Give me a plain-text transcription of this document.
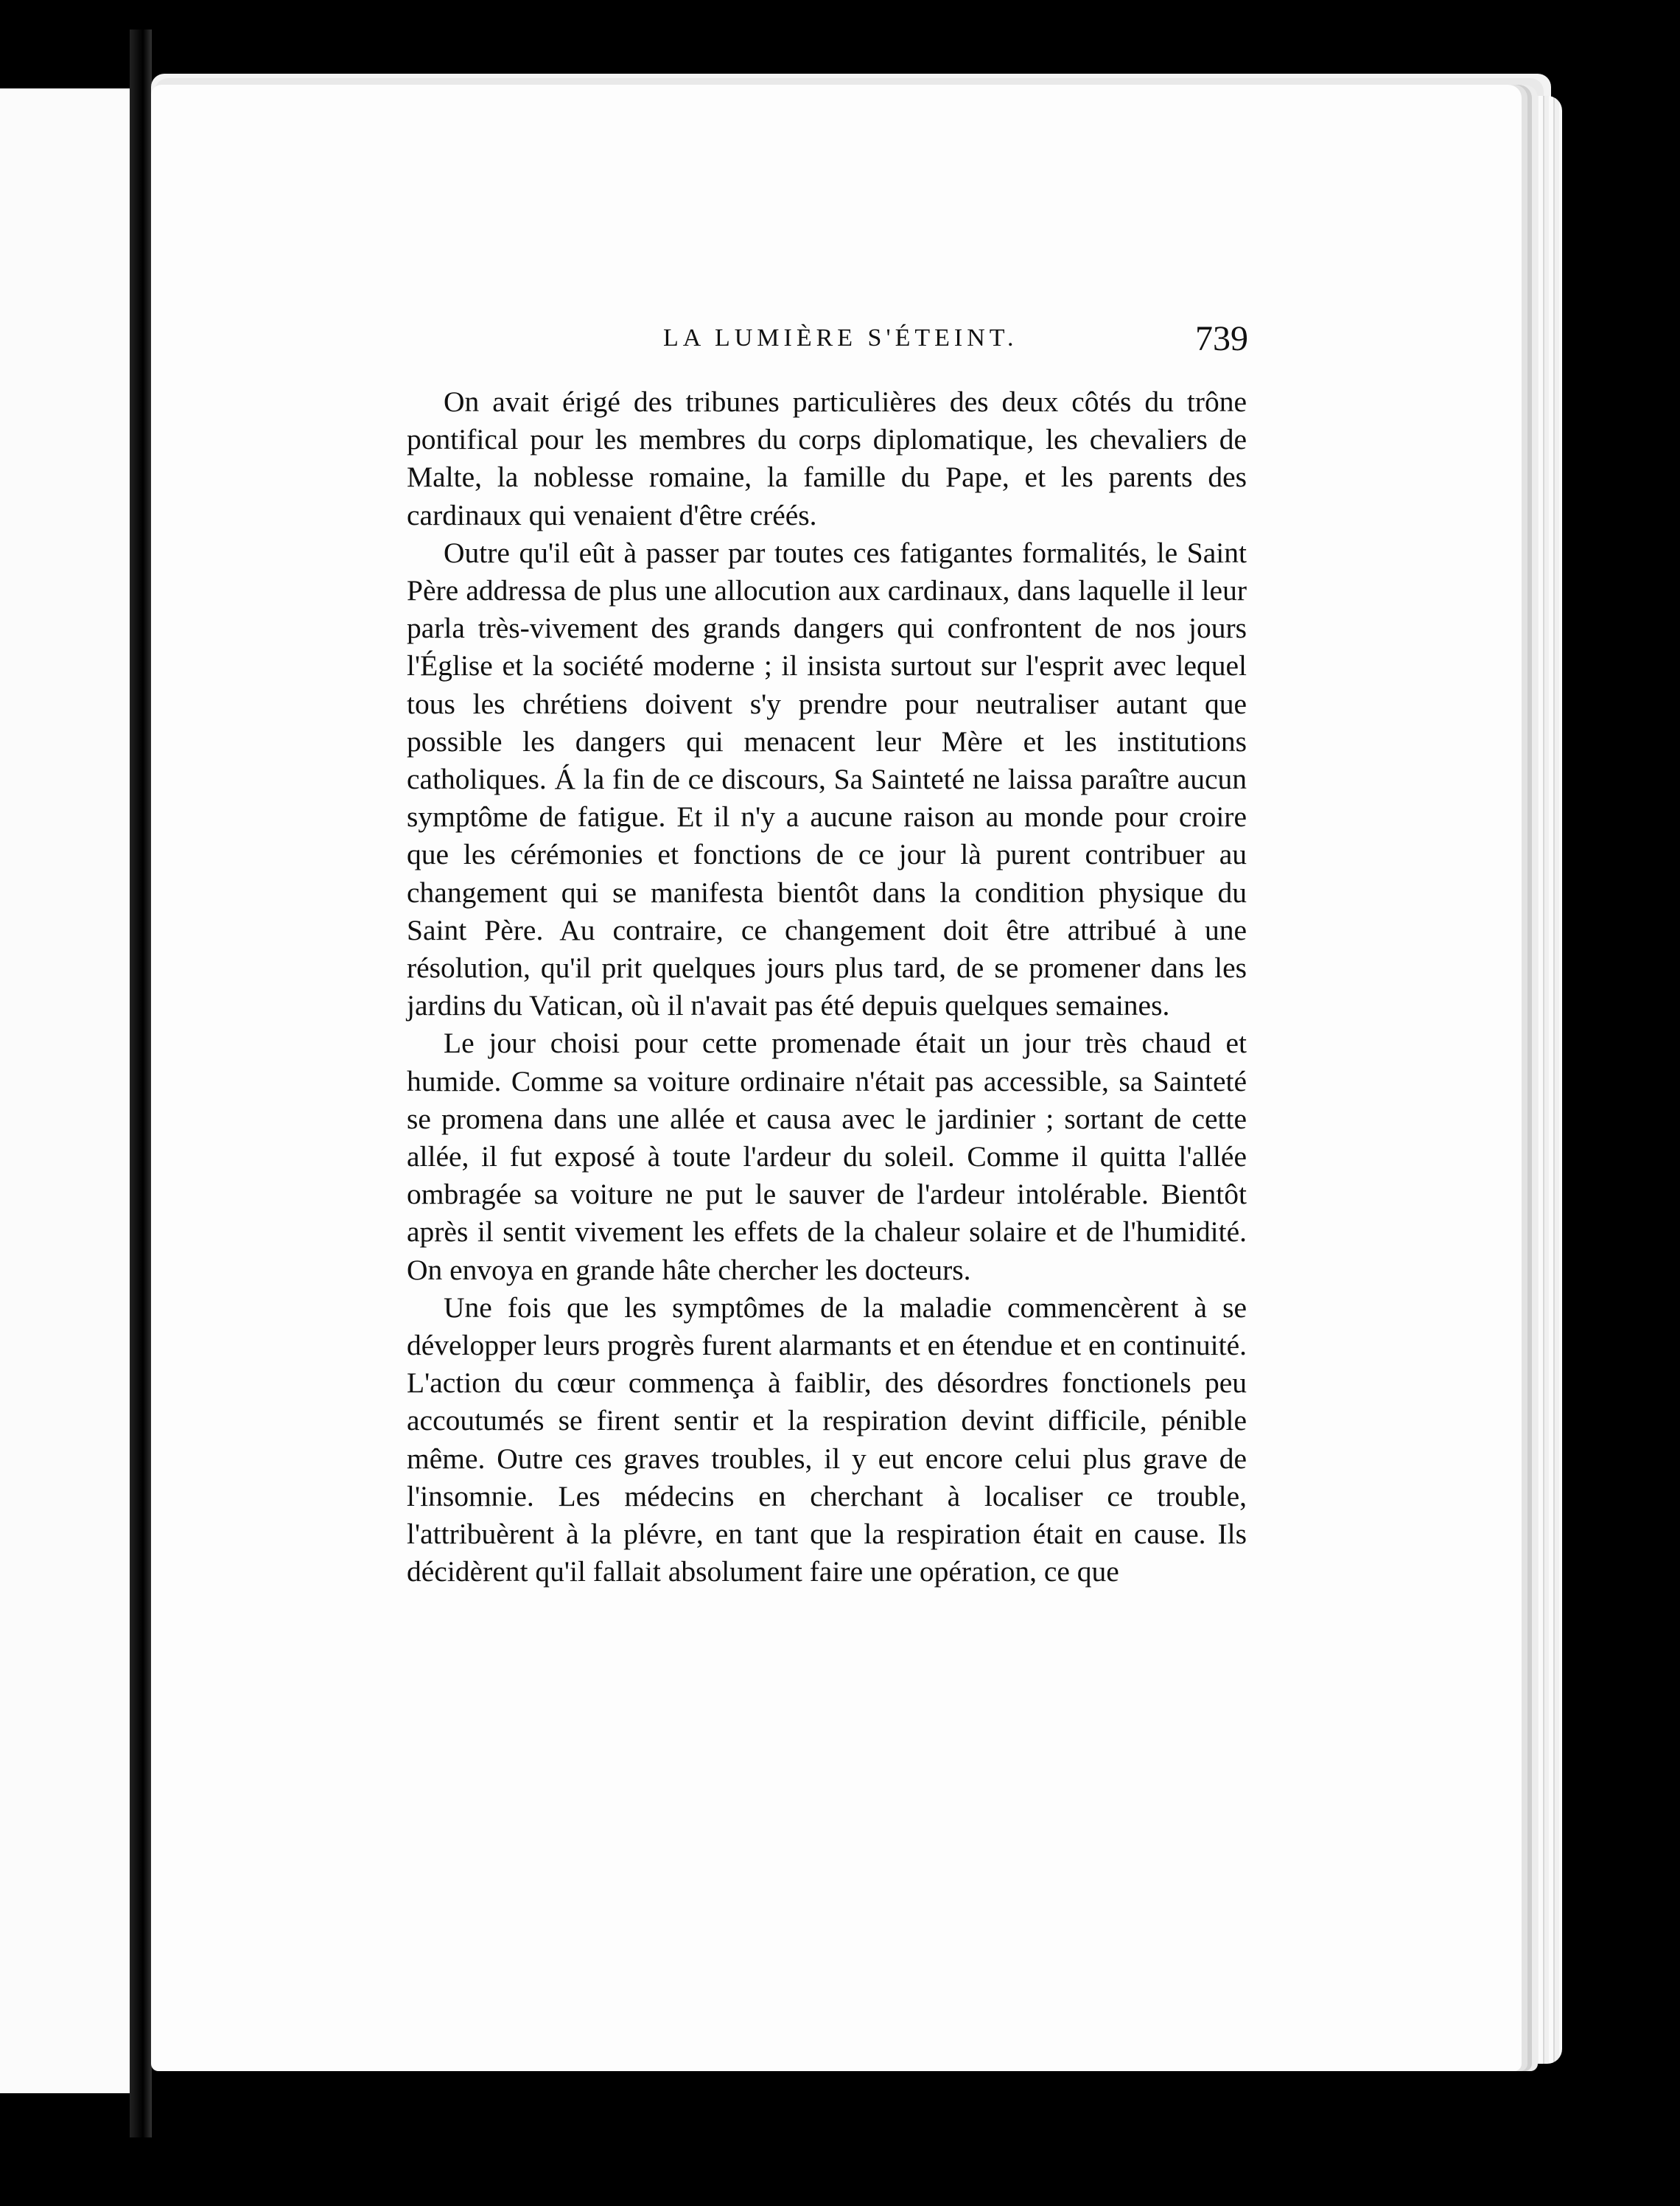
LA LUMIÈRE S'ÉTEINT.	739

On avait érigé des tribunes particulières des deux côtés du trône pontifical pour les membres du corps diplomatique, les chevaliers de Malte, la noblesse romaine, la famille du Pape, et les parents des cardinaux qui venaient d'être créés.

Outre qu'il eût à passer par toutes ces fatigantes formalités, le Saint Père addressa de plus une allocution aux cardinaux, dans laquelle il leur parla très-vivement des grands dangers qui confrontent de nos jours l'Église et la société moderne ; il insista surtout sur l'esprit avec lequel tous les chrétiens doivent s'y prendre pour neutraliser autant que possible les dangers qui menacent leur Mère et les institutions catholiques. Á la fin de ce discours, Sa Sainteté ne laissa paraître aucun symptôme de fatigue. Et il n'y a aucune raison au monde pour croire que les cérémonies et fonctions de ce jour là purent contribuer au changement qui se manifesta bientôt dans la condition physique du Saint Père. Au contraire, ce changement doit être attribué à une résolution, qu'il prit quelques jours plus tard, de se promener dans les jardins du Vatican, où il n'avait pas été depuis quelques semaines.

Le jour choisi pour cette promenade était un jour très chaud et humide. Comme sa voiture ordinaire n'était pas accessible, sa Sainteté se promena dans une allée et causa avec le jardinier ; sortant de cette allée, il fut exposé à toute l'ardeur du soleil. Comme il quitta l'allée ombragée sa voiture ne put le sauver de l'ardeur intolérable. Bientôt après il sentit vivement les effets de la chaleur solaire et de l'humidité. On envoya en grande hâte chercher les docteurs.

Une fois que les symptômes de la maladie commencèrent à se développer leurs progrès furent alarmants et en étendue et en continuité. L'action du cœur commença à faiblir, des désordres fonctionels peu accoutumés se firent sentir et la respiration devint difficile, pénible même. Outre ces graves troubles, il y eut encore celui plus grave de l'insomnie. Les médecins en cherchant à localiser ce trouble, l'attribuèrent à la plévre, en tant que la respiration était en cause. Ils décidèrent qu'il fallait absolument faire une opération, ce que
